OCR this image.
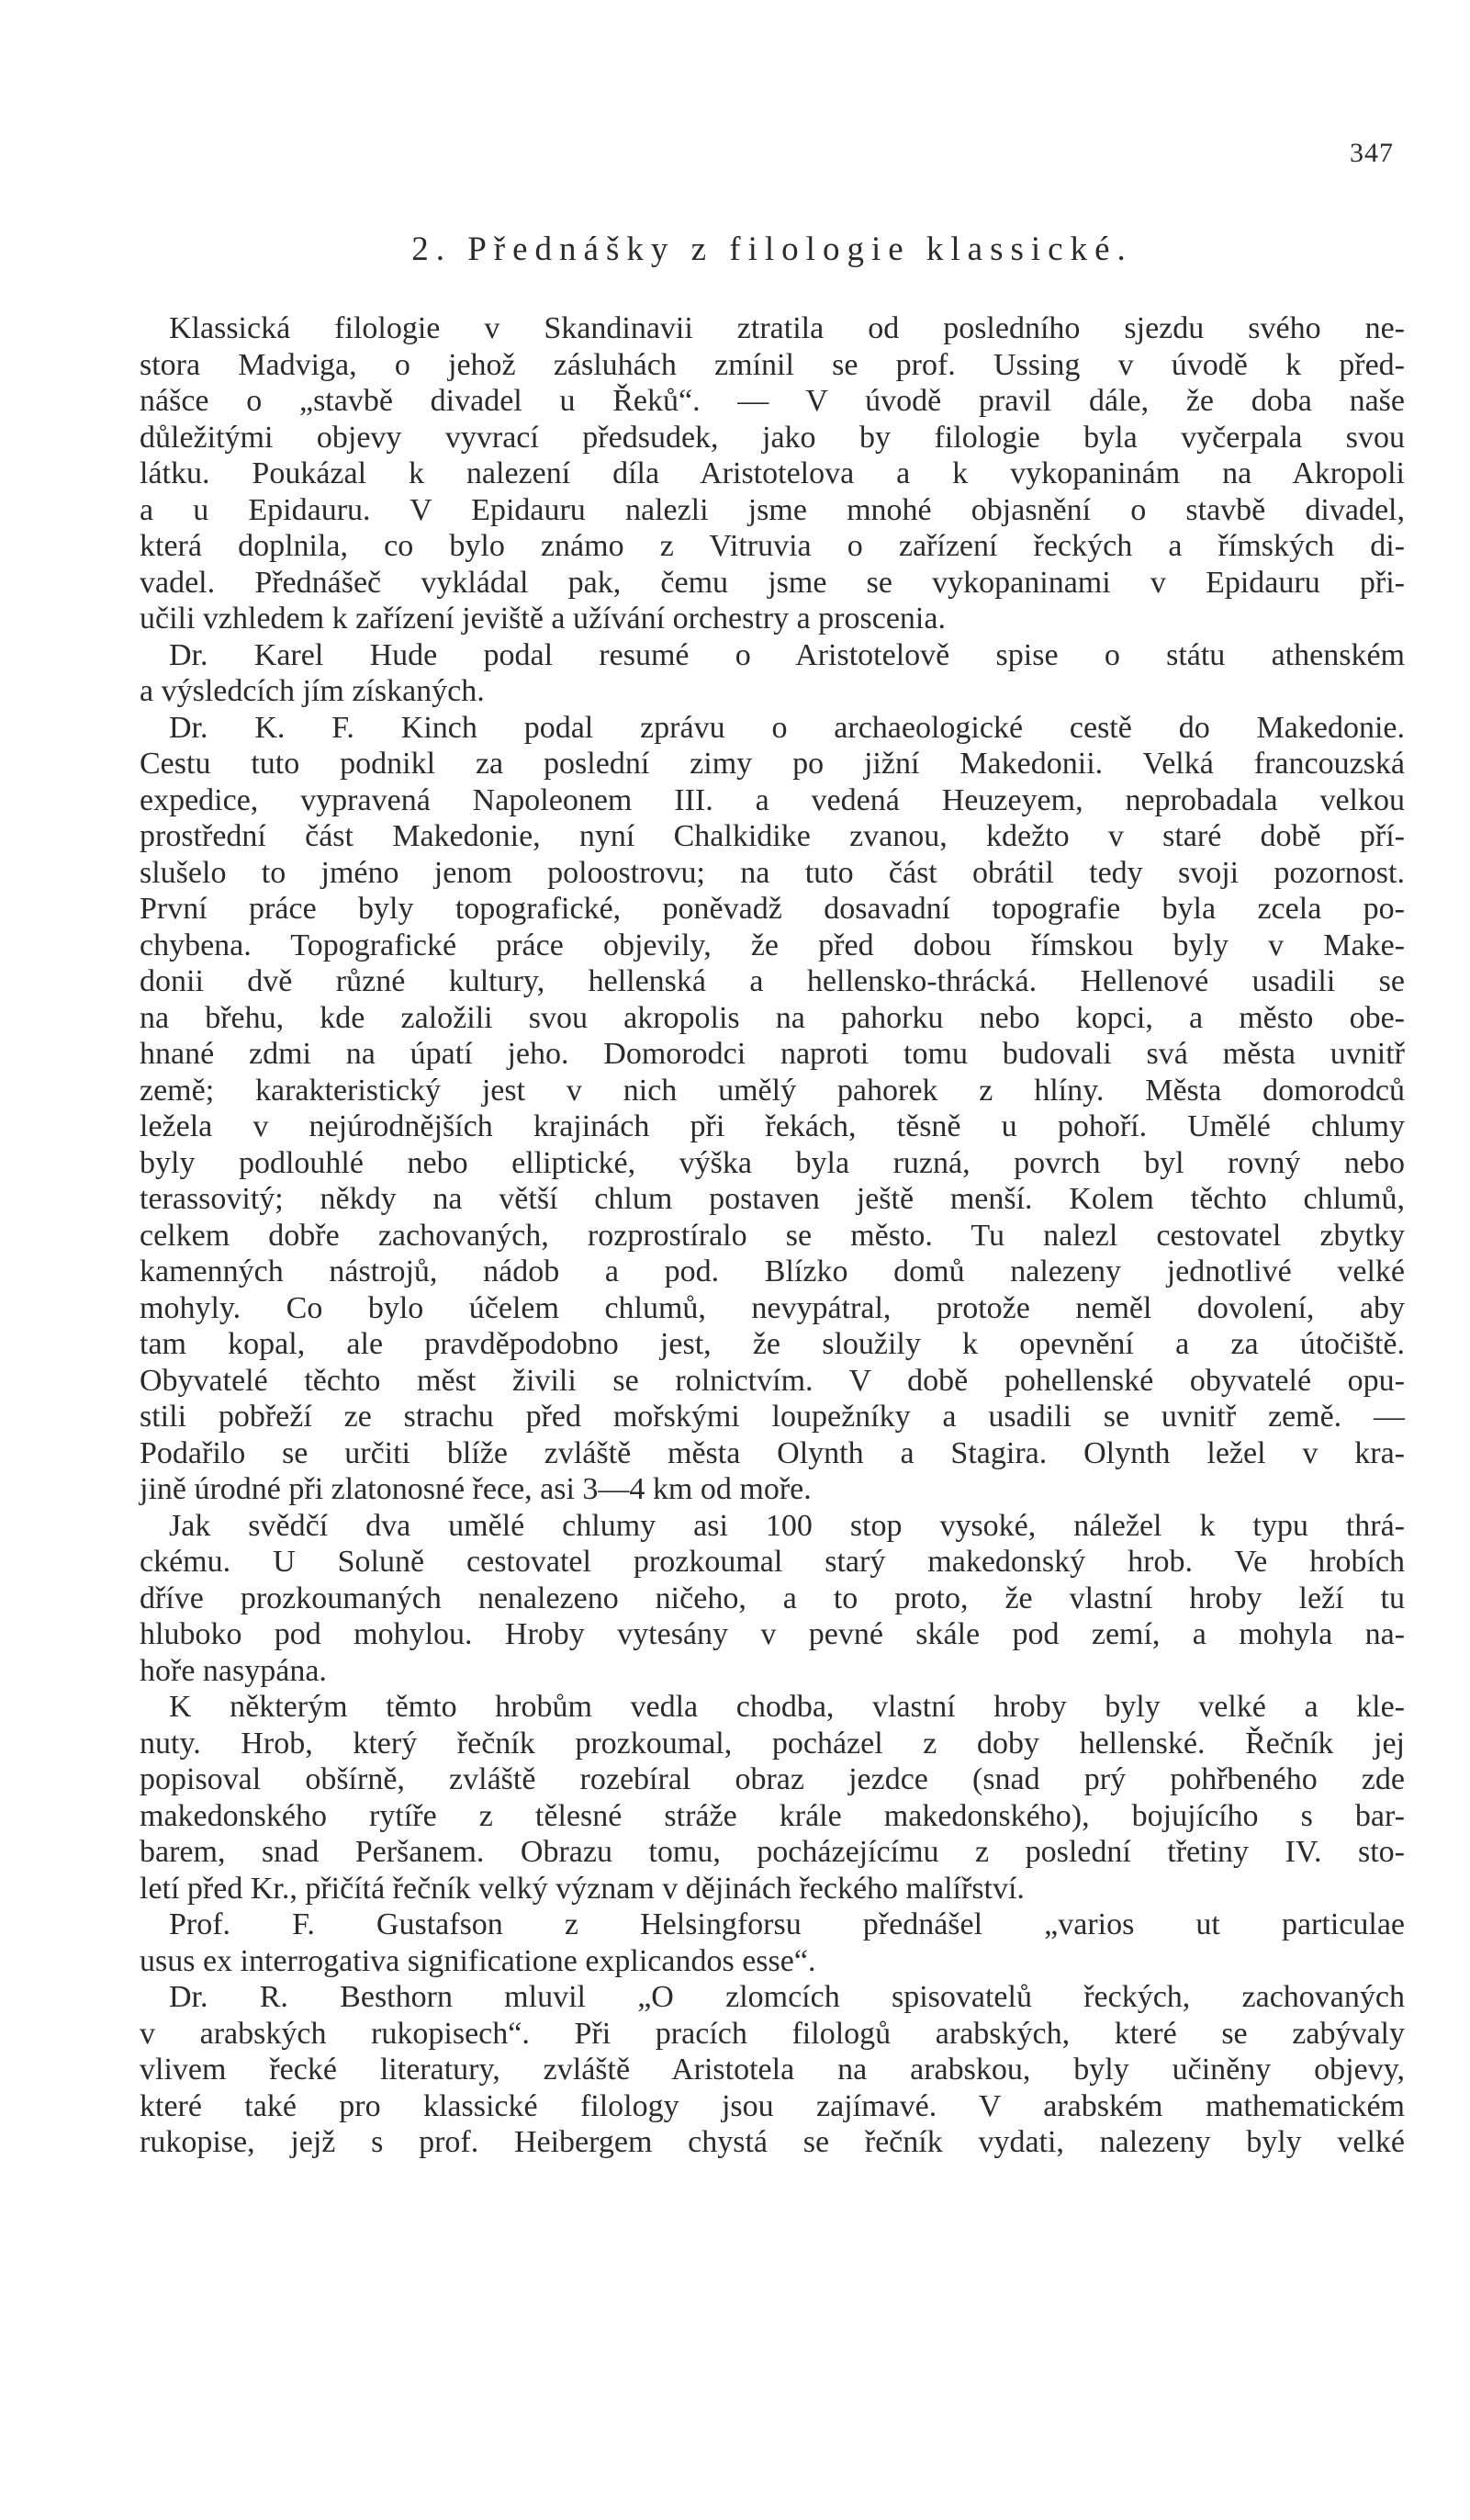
347
2. Přednášky z filologie klassické.
Klassická filologie v Skandinavii ztratila od posledního sjezdu svého ne-
stora Madviga, o jehož zásluhách zmínil se prof. Ussing v úvodě k před-
nášce o „stavbě divadel u Řeků“. — V úvodě pravil dále, že doba naše
důležitými objevy vyvrací předsudek, jako by filologie byla vyčerpala svou
látku. Poukázal k nalezení díla Aristotelova a k vykopaninám na Akropoli
a u Epidauru. V Epidauru nalezli jsme mnohé objasnění o stavbě divadel,
která doplnila, co bylo známo z Vitruvia o zařízení řeckých a římských di-
vadel. Přednášeč vykládal pak, čemu jsme se vykopaninami v Epidauru při-
učili vzhledem k zařízení jeviště a užívání orchestry a proscenia.
Dr. Karel Hude podal resumé o Aristotelově spise o státu athenském
a výsledcích jím získaných.
Dr. K. F. Kinch podal zprávu o archaeologické cestě do Makedonie.
Cestu tuto podnikl za poslední zimy po jižní Makedonii. Velká francouzská
expedice, vypravená Napoleonem III. a vedená Heuzeyem, neprobadala velkou
prostřední část Makedonie, nyní Chalkidike zvanou, kdežto v staré době pří-
slušelo to jméno jenom poloostrovu; na tuto část obrátil tedy svoji pozornost.
První práce byly topografické, poněvadž dosavadní topografie byla zcela po-
chybena. Topografické práce objevily, že před dobou římskou byly v Make-
donii dvě různé kultury, hellenská a hellensko-thrácká. Hellenové usadili se
na břehu, kde založili svou akropolis na pahorku nebo kopci, a město obe-
hnané zdmi na úpatí jeho. Domorodci naproti tomu budovali svá města uvnitř
země; karakteristický jest v nich umělý pahorek z hlíny. Města domorodců
ležela v nejúrodnějších krajinách při řekách, těsně u pohoří. Umělé chlumy
byly podlouhlé nebo elliptické, výška byla ruzná, povrch byl rovný nebo
terassovitý; někdy na větší chlum postaven ještě menší. Kolem těchto chlumů,
celkem dobře zachovaných, rozprostíralo se město. Tu nalezl cestovatel zbytky
kamenných nástrojů, nádob a pod. Blízko domů nalezeny jednotlivé velké
mohyly. Co bylo účelem chlumů, nevypátral, protože neměl dovolení, aby
tam kopal, ale pravděpodobno jest, že sloužily k opevnění a za útočiště.
Obyvatelé těchto měst živili se rolnictvím. V době pohellenské obyvatelé opu-
stili pobřeží ze strachu před mořskými loupežníky a usadili se uvnitř země. —
Podařilo se určiti blíže zvláště města Olynth a Stagira. Olynth ležel v kra-
jině úrodné při zlatonosné řece, asi 3—4 km od moře.
Jak svědčí dva umělé chlumy asi 100 stop vysoké, náležel k typu thrá-
ckému. U Soluně cestovatel prozkoumal starý makedonský hrob. Ve hrobích
dříve prozkoumaných nenalezeno ničeho, a to proto, že vlastní hroby leží tu
hluboko pod mohylou. Hroby vytesány v pevné skále pod zemí, a mohyla na-
hoře nasypána.
K některým těmto hrobům vedla chodba, vlastní hroby byly velké a kle-
nuty. Hrob, který řečník prozkoumal, pocházel z doby hellenské. Řečník jej
popisoval obšírně, zvláště rozebíral obraz jezdce (snad prý pohřbeného zde
makedonského rytíře z tělesné stráže krále makedonského), bojujícího s bar-
barem, snad Peršanem. Obrazu tomu, pocházejícímu z poslední třetiny IV. sto-
letí před Kr., přičítá řečník velký význam v dějinách řeckého malířství.
Prof. F. Gustafson z Helsingforsu přednášel „varios ut particulae
usus ex interrogativa significatione explicandos esse“.
Dr. R. Besthorn mluvil „O zlomcích spisovatelů řeckých, zachovaných
v arabských rukopisech“. Při pracích filologů arabských, které se zabývaly
vlivem řecké literatury, zvláště Aristotela na arabskou, byly učiněny objevy,
které také pro klassické filology jsou zajímavé. V arabském mathematickém
rukopise, jejž s prof. Heibergem chystá se řečník vydati, nalezeny byly velké
